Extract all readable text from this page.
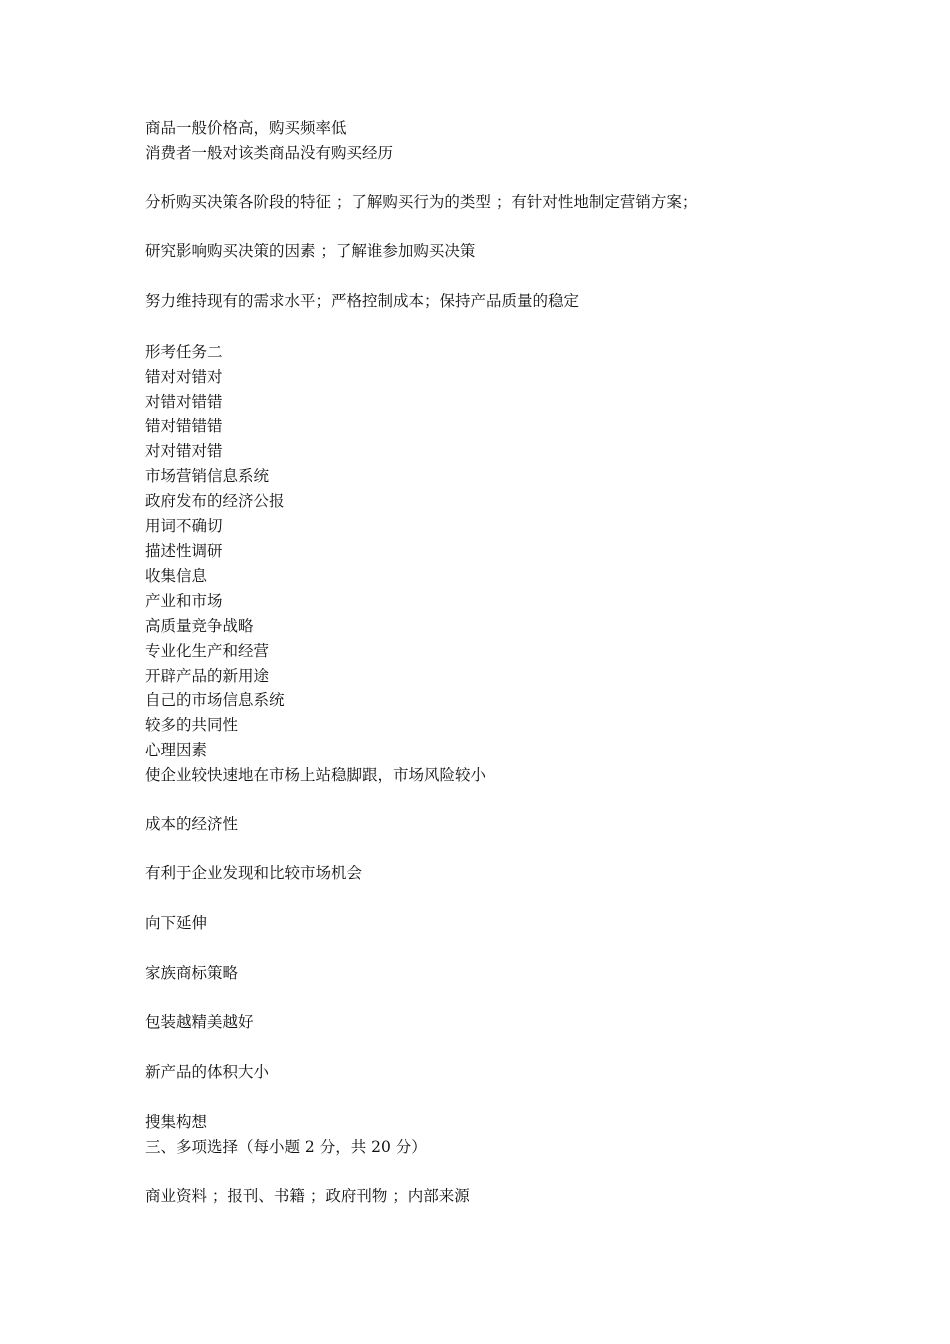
商品一般价格高，购买频率低
消费者一般对该类商品没有购买经历
分析购买决策各阶段的特征 ；了解购买行为的类型 ；有针对性地制定营销方案；
研究影响购买决策的因素 ；了解谁参加购买决策
努力维持现有的需求水平；严格控制成本；保持产品质量的稳定
形考任务二
错对对错对
对错对错错
错对错错错
对对错对错
市场营销信息系统
政府发布的经济公报
用词不确切
描述性调研
收集信息
产业和市场
高质量竞争战略
专业化生产和经营
开辟产品的新用途
自己的市场信息系统
较多的共同性
心理因素
使企业较快速地在市杨上站稳脚跟，市场风险较小
成本的经济性
有利于企业发现和比较市场机会
向下延伸
家族商标策略
包装越精美越好
新产品的体积大小
搜集构想
三、多项选择（每小题 2 分，共 20 分）
商业资料 ；报刊、书籍 ；政府刊物 ；内部来源
